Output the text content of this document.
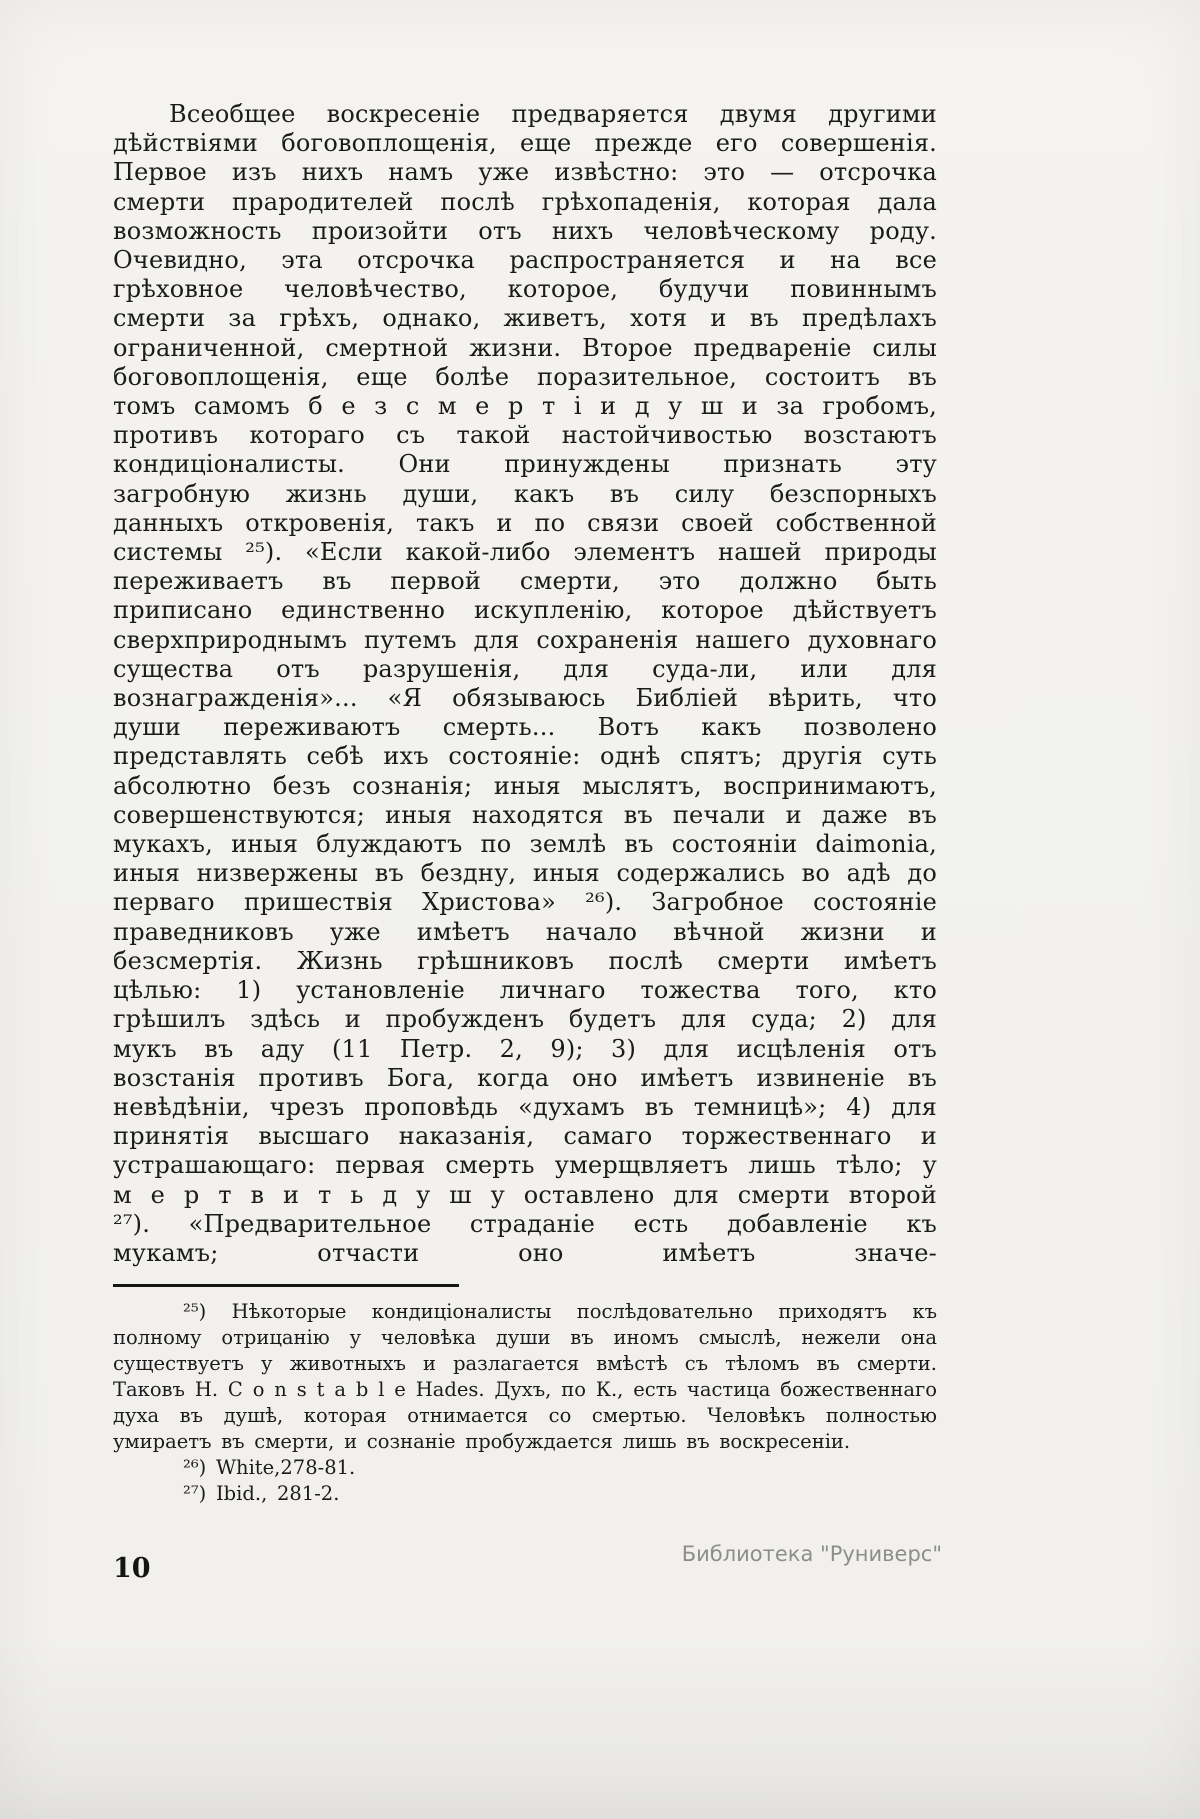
Всеобщее воскресеніе предваряется двумя другими дѣйствіями боговоплощенія, еще прежде его совершенія. Первое изъ нихъ намъ уже извѣстно: это — отсрочка смерти прародителей послѣ грѣхопаденія, которая дала возможность произойти отъ нихъ человѣческому роду. Очевидно, эта отсрочка распространяется и на все грѣховное человѣчество, которое, будучи повиннымъ смерти за грѣхъ, однако, живетъ, хотя и въ предѣлахъ ограниченной, смертной жизни. Второе предвареніе силы боговоплощенія, еще болѣе поразительное, состоитъ въ томъ самомъ б е з с м е р т і и д у ш и за гробомъ, противъ котораго съ такой настойчивостью возстаютъ кондиціоналисты. Они принуждены признать эту загробную жизнь души, какъ въ силу безспорныхъ данныхъ откровенія, такъ и по связи своей собственной системы ²⁵). «Если какой-либо элементъ нашей природы переживаетъ въ первой смерти, это должно быть приписано единственно искупленію, которое дѣйствуетъ сверхприроднымъ путемъ для сохраненія нашего духовнаго существа отъ разрушенія, для суда-ли, или для вознагражденія»... «Я обязываюсь Библіей вѣрить, что души переживаютъ смерть... Вотъ какъ позволено представлять себѣ ихъ состояніе: однѣ спятъ; другія суть абсолютно безъ сознанія; иныя мыслятъ, воспринимаютъ, совершенствуются; иныя находятся въ печали и даже въ мукахъ, иныя блуждаютъ по землѣ въ состояніи daimonia, иныя низвержены въ бездну, иныя содержались во адѣ до перваго пришествія Христова» ²⁶). Загробное состояніе праведниковъ уже имѣетъ начало вѣчной жизни и безсмертія. Жизнь грѣшниковъ послѣ смерти имѣетъ цѣлью: 1) установленіе личнаго тожества того, кто грѣшилъ здѣсь и пробужденъ будетъ для суда; 2) для мукъ въ аду (11 Петр. 2, 9); 3) для исцѣленія отъ возстанія противъ Бога, когда оно имѣетъ извиненіе въ невѣдѣніи, чрезъ проповѣдь «духамъ въ темницѣ»; 4) для принятія высшаго наказанія, самаго торжественнаго и устрашающаго: первая смерть умерщвляетъ лишь тѣло; у м е р т в и т ь д у ш у оставлено для смерти второй ²⁷). «Предварительное страданіе есть добавленіе къ мукамъ; отчасти оно имѣетъ значе-

²⁵) Нѣкоторые кондиціоналисты послѣдовательно приходятъ къ полному отрицанію у человѣка души въ иномъ смыслѣ, нежели она существуетъ у животныхъ и разлагается вмѣстѣ съ тѣломъ въ смерти. Таковъ H. C o n s t a b l e Hades. Духъ, по К., есть частица божественнаго духа въ душѣ, которая отнимается со смертью. Человѣкъ полностью умираетъ въ смерти, и сознаніе пробуждается лишь въ воскресеніи.

²⁶) White,278-81.

²⁷) Ibid., 281-2.

10	Библиотека "Руниверс"
